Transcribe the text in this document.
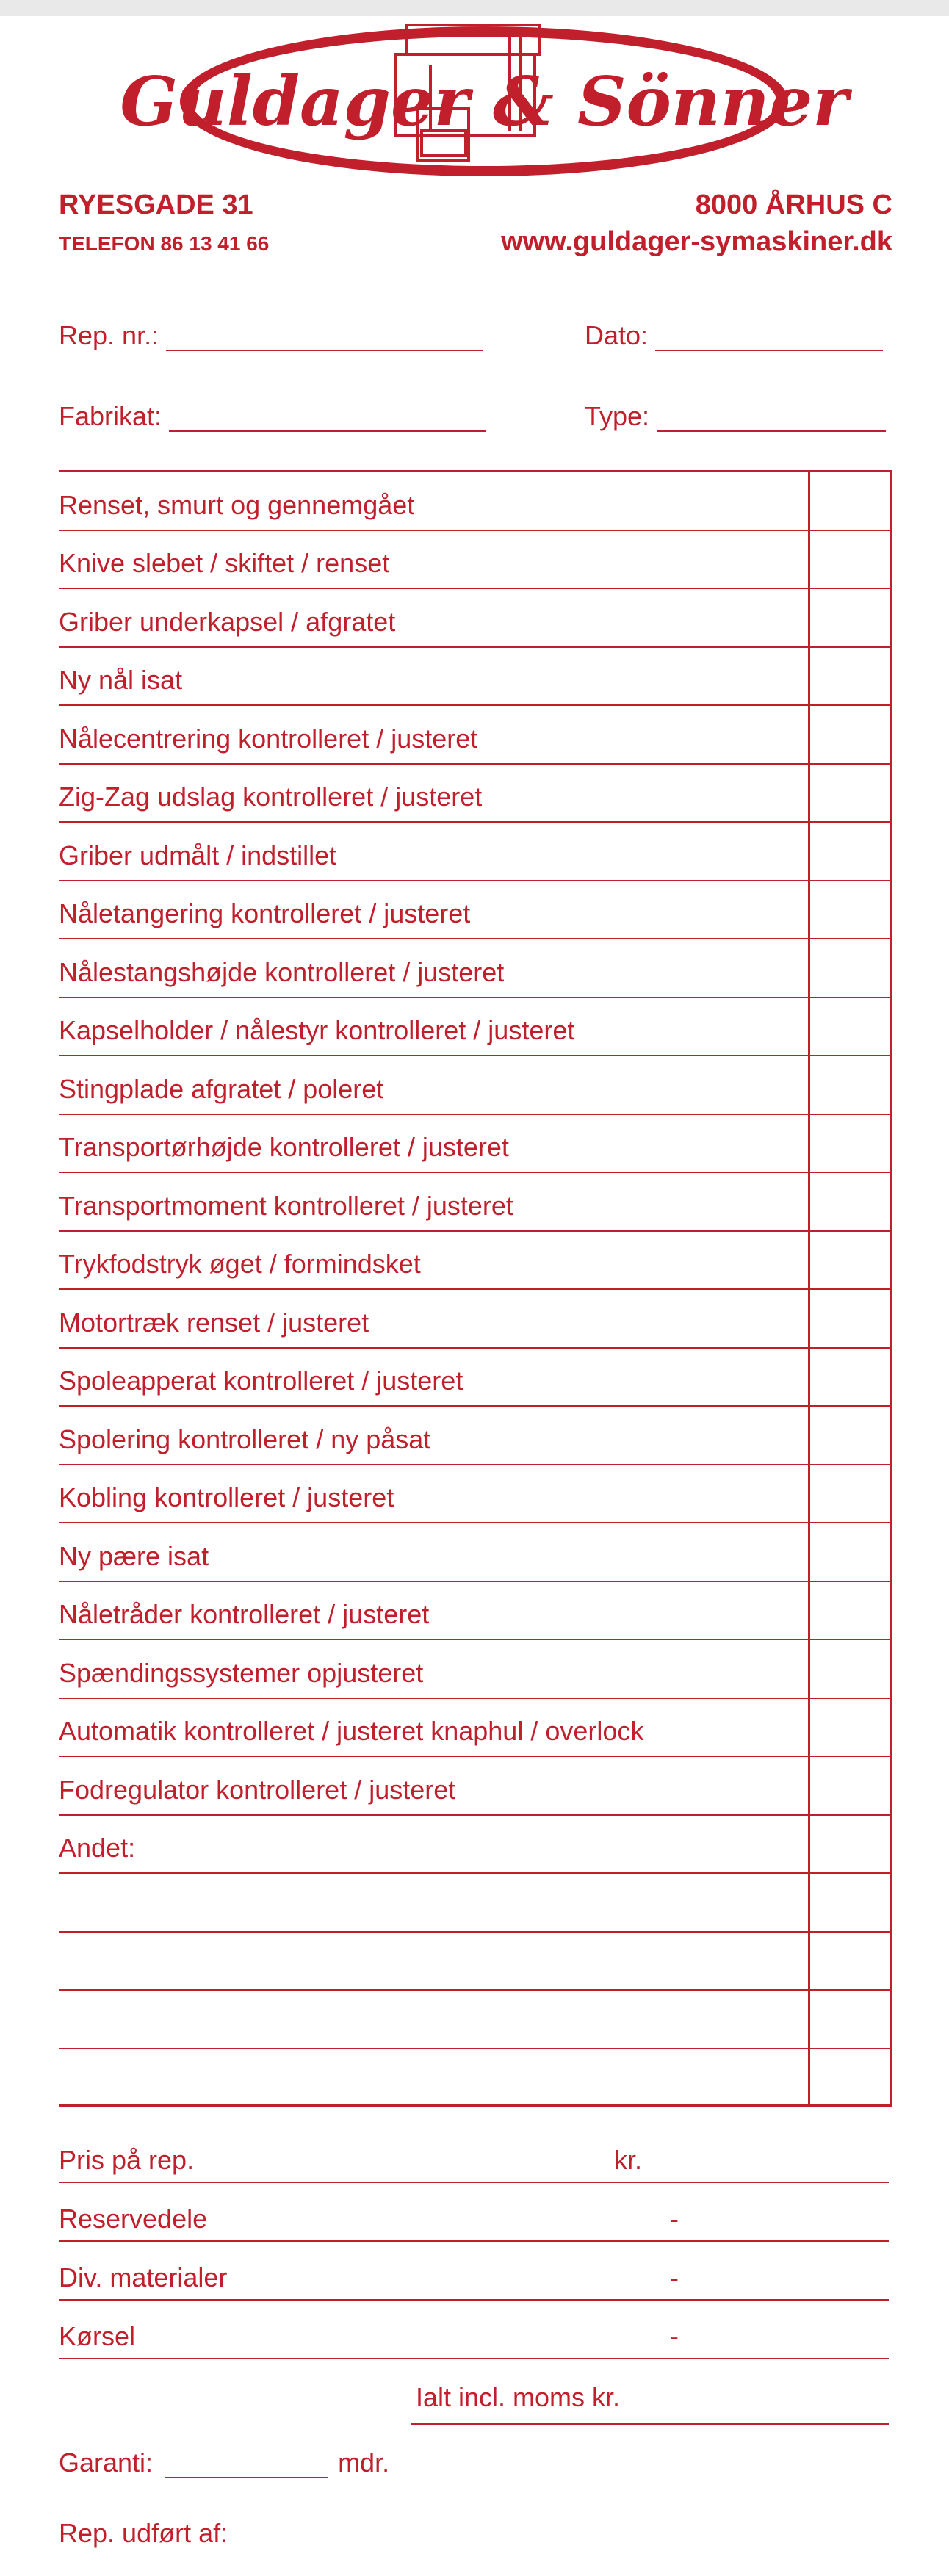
Guldager & Sönner
RYESGADE 31	8000 ÅRHUS C
TELEFON 86 13 41 66	www.guldager-symaskiner.dk
Rep. nr.:	Dato:
Fabrikat:	Type:
Renset, smurt og gennemgået
Knive slebet / skiftet / renset
Griber underkapsel / afgratet
Ny nål isat
Nålecentrering kontrolleret / justeret
Zig-Zag udslag kontrolleret / justeret
Griber udmålt / indstillet
Nåletangering kontrolleret / justeret
Nålestangshøjde kontrolleret / justeret
Kapselholder / nålestyr kontrolleret / justeret
Stingplade afgratet / poleret
Transportørhøjde kontrolleret / justeret
Transportmoment kontrolleret / justeret
Trykfodstryk øget / formindsket
Motortræk renset / justeret
Spoleapperat kontrolleret / justeret
Spolering kontrolleret / ny påsat
Kobling kontrolleret / justeret
Ny pære isat
Nåletråder kontrolleret / justeret
Spændingssystemer opjusteret
Automatik kontrolleret / justeret knaphul / overlock
Fodregulator kontrolleret / justeret
Andet:
Pris på rep.	kr.
Reservedele	-
Div. materialer	-
Kørsel	-
Ialt incl. moms kr.
Garanti:	mdr.
Rep. udført af:
